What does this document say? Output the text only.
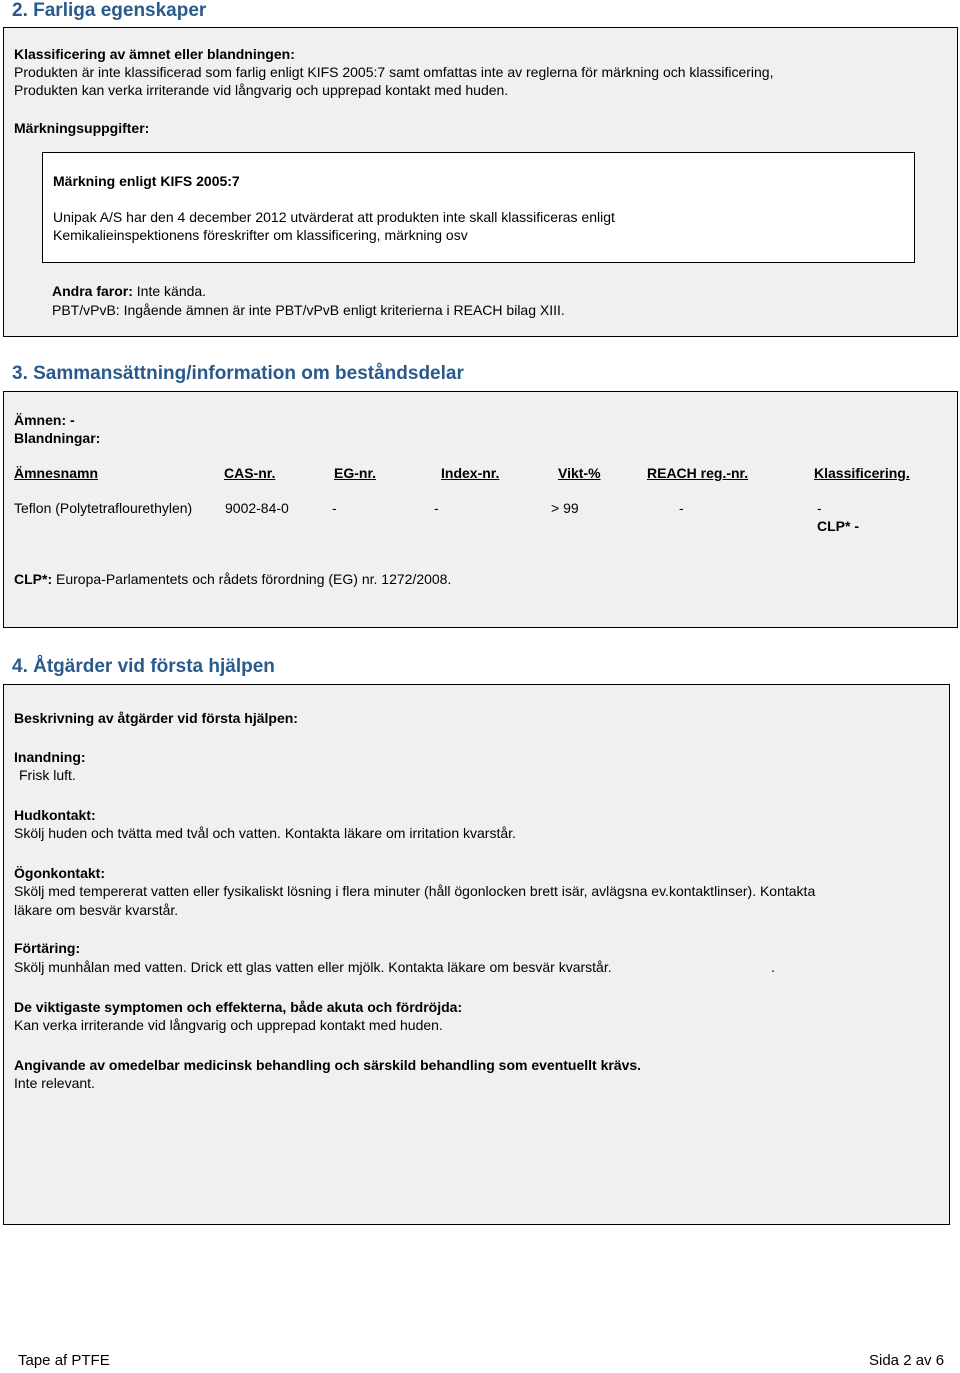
2. Farliga egenskaper
Klassificering av ämnet eller blandningen:
Produkten är inte klassificerad som farlig enligt KIFS 2005:7 samt omfattas inte av reglerna för märkning och klassificering,
Produkten kan verka irriterande vid långvarig och upprepad kontakt med huden.
Märkningsuppgifter:
Märkning enligt KIFS 2005:7
Unipak A/S har den 4 december 2012 utvärderat att produkten inte skall klassificeras enligt
Kemikalieinspektionens föreskrifter om klassificering, märkning osv
Andra faror: Inte kända.
PBT/vPvB: Ingående ämnen är inte PBT/vPvB enligt kriterierna i REACH bilag XIII.
3. Sammansättning/information om beståndsdelar
Ämnen: -
Blandningar:
Ämnesnamn	CAS-nr.	EG-nr.	Index-nr.	Vikt-%	REACH reg.-nr.	Klassificering.
Teflon (Polytetraflourethylen) 9002-84-0	-	-	> 99	-	-
CLP* -
CLP*: Europa-Parlamentets och rådets förordning (EG) nr. 1272/2008.
4. Åtgärder vid första hjälpen
Beskrivning av åtgärder vid första hjälpen:
Inandning:
Frisk luft.
Hudkontakt:
Skölj huden och tvätta med tvål och vatten. Kontakta läkare om irritation kvarstår.
Ögonkontakt:
Skölj med tempererat vatten eller fysikaliskt lösning i flera minuter (håll ögonlocken brett isär, avlägsna ev.kontaktlinser). Kontakta
läkare om besvär kvarstår.
Förtäring:
Skölj munhålan med vatten. Drick ett glas vatten eller mjölk. Kontakta läkare om besvär kvarstår.	.
De viktigaste symptomen och effekterna, både akuta och fördröjda:
Kan verka irriterande vid långvarig och upprepad kontakt med huden.
Angivande av omedelbar medicinsk behandling och särskild behandling som eventuellt krävs.
Inte relevant.
Tape af PTFE	Sida 2 av 6
